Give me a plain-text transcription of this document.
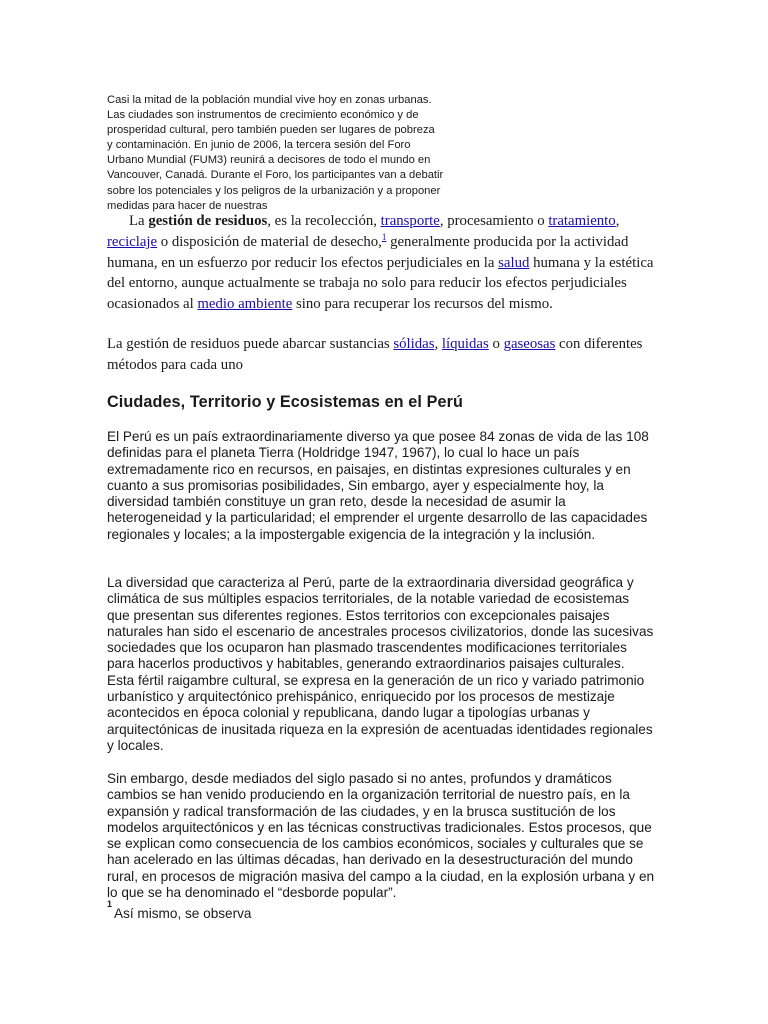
Casi la mitad de la población mundial vive hoy en zonas urbanas.
Las ciudades son instrumentos de crecimiento económico y de
prosperidad cultural, pero también pueden ser lugares de pobreza
y contaminación. En junio de 2006, la tercera sesión del Foro
Urbano Mundial (FUM3) reunirá a decisores de todo el mundo en
Vancouver, Canadá. Durante el Foro, los participantes van a debatir
sobre los potenciales y los peligros de la urbanización y a proponer
medidas para hacer de nuestras

La gestión de residuos, es la recolección, transporte, procesamiento o tratamiento, reciclaje o disposición de material de desecho,$^1$ generalmente producida por la actividad humana, en un esfuerzo por reducir los efectos perjudiciales en la salud humana y la estética del entorno, aunque actualmente se trabaja no solo para reducir los efectos perjudiciales ocasionados al medio ambiente sino para recuperar los recursos del mismo.

La gestión de residuos puede abarcar sustancias sólidas, líquidas o gaseosas con diferentes métodos para cada uno

Ciudades, Territorio y Ecosistemas en el Perú

El Perú es un país extraordinariamente diverso ya que posee 84 zonas de vida de las 108 definidas para el planeta Tierra (Holdridge 1947, 1967), lo cual lo hace un país extremadamente rico en recursos, en paisajes, en distintas expresiones culturales y en cuanto a sus promisorias posibilidades, Sin embargo, ayer y especialmente hoy, la diversidad también constituye un gran reto, desde la necesidad de asumir la heterogeneidad y la particularidad; el emprender el urgente desarrollo de las capacidades regionales y locales; a la impostergable exigencia de la integración y la inclusión.

La diversidad que caracteriza al Perú, parte de la extraordinaria diversidad geográfica y climática de sus múltiples espacios territoriales, de la notable variedad de ecosistemas que presentan sus diferentes regiones. Estos territorios con excepcionales paisajes naturales han sido el escenario de ancestrales procesos civilizatorios, donde las sucesivas sociedades que los ocuparon han plasmado trascendentes modificaciones territoriales para hacerlos productivos y habitables, generando extraordinarios paisajes culturales. Esta fértil raigambre cultural, se expresa en la generación de un rico y variado patrimonio urbanístico y arquitectónico prehispánico, enriquecido por los procesos de mestizaje acontecidos en época colonial y republicana, dando lugar a tipologías urbanas y arquitectónicas de inusitada riqueza en la expresión de acentuadas identidades regionales y locales.

Sin embargo, desde mediados del siglo pasado si no antes, profundos y dramáticos cambios se han venido produciendo en la organización territorial de nuestro país, en la expansión y radical transformación de las ciudades, y en la brusca sustitución de los modelos arquitectónicos y en las técnicas constructivas tradicionales. Estos procesos, que se explican como consecuencia de los cambios económicos, sociales y culturales que se han acelerado en las últimas décadas, han derivado en la desestructuración del mundo rural, en procesos de migración masiva del campo a la ciudad, en la explosión urbana y en lo que se ha denominado el “desborde popular”.

1

Así mismo, se observa
